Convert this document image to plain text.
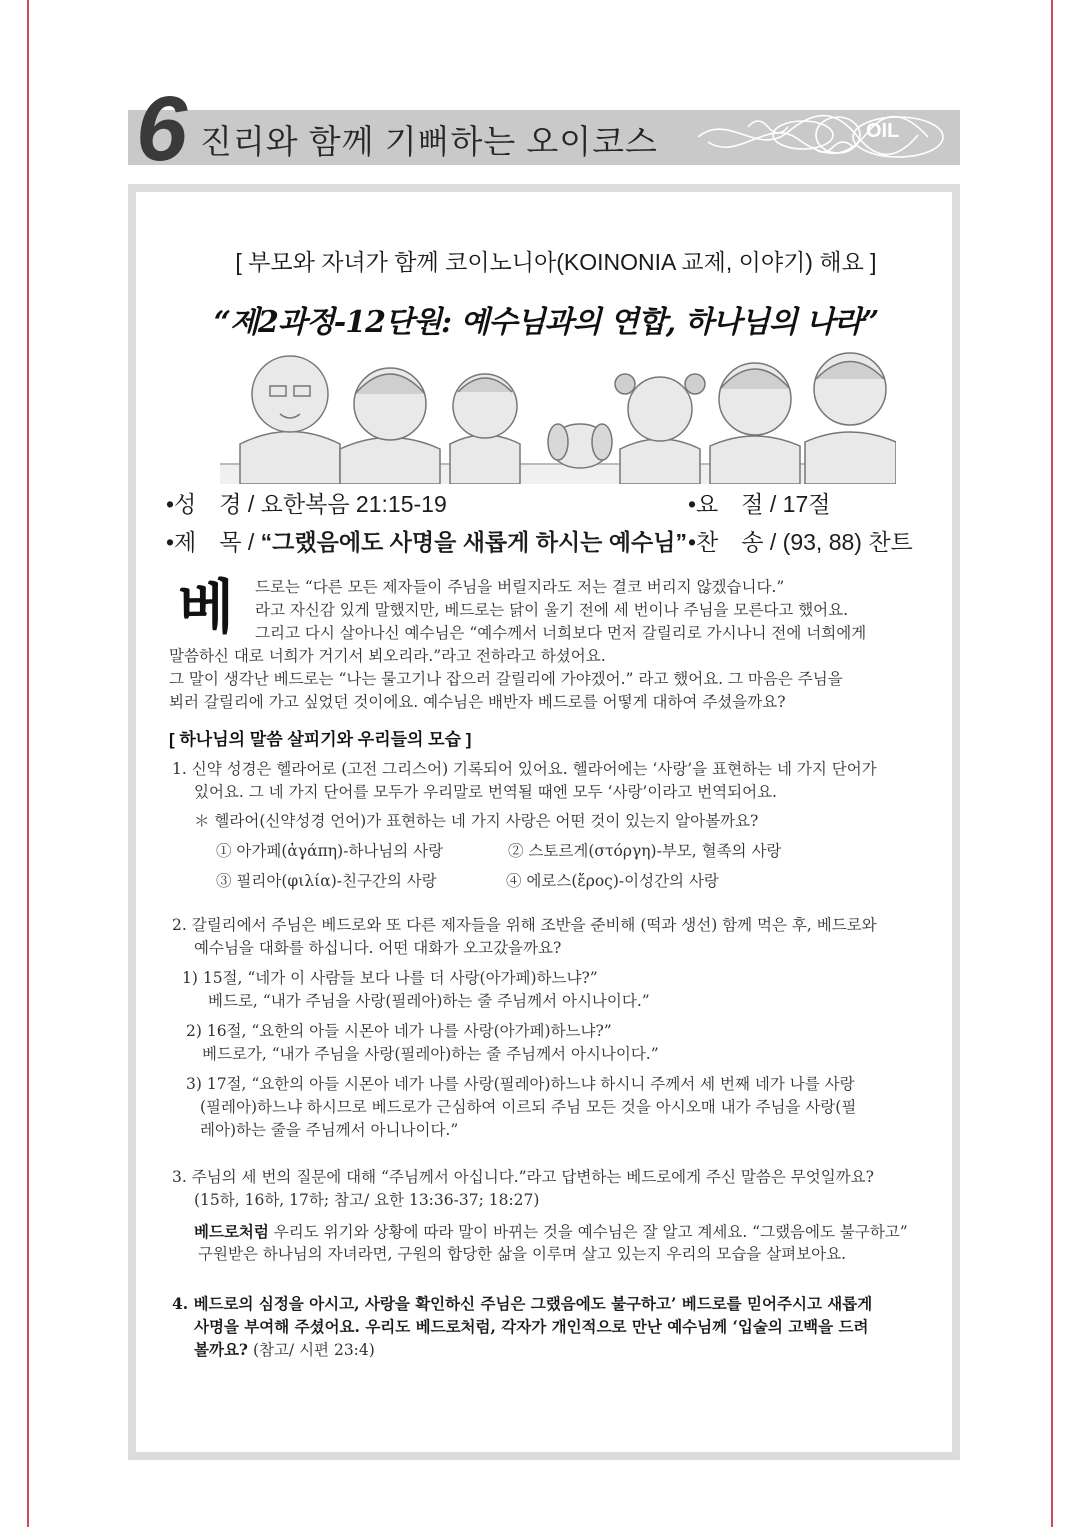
6 진리와 함께 기뻐하는 오이코스	OIL
[ 부모와 자녀가 함께 코이노니아(KOINONIA 교제, 이야기) 해요 ]
“제2과정-12단원: 예수님과의 연합, 하나님의 나라”
•성　경 / 요한복음 21:15-19	•요　절 / 17절
•제　목 / “그랬음에도 사명을 새롭게 하시는 예수님” •찬　송 / (93, 88) 찬트
베	드로는 “다른 모든 제자들이 주님을 버릴지라도 저는 결코 버리지 않겠습니다.”
라고 자신감 있게 말했지만, 베드로는 닭이 울기 전에 세 번이나 주님을 모른다고 했어요.
그리고 다시 살아나신 예수님은 “예수께서 너희보다 먼저 갈릴리로 가시나니 전에 너희에게
말씀하신 대로 너희가 거기서 뵈오리라.”라고 전하라고 하셨어요.
그 말이 생각난 베드로는 “나는 물고기나 잡으러 갈릴리에 가야겠어.” 라고 했어요. 그 마음은 주님을
뵈러 갈릴리에 가고 싶었던 것이에요. 예수님은 배반자 베드로를 어떻게 대하여 주셨을까요?
[ 하나님의 말씀 살피기와 우리들의 모습 ]
1. 신약 성경은 헬라어로 (고전 그리스어) 기록되어 있어요. 헬라어에는 ‘사랑’을 표현하는 네 가지 단어가
있어요. 그 네 가지 단어를 모두가 우리말로 번역될 때엔 모두 ‘사랑’이라고 번역되어요.
＊ 헬라어(신약성경 언어)가 표현하는 네 가지 사랑은 어떤 것이 있는지 알아볼까요?
① 아가페(ἀγάπη)-하나님의 사랑	② 스토르게(στόργη)-부모, 혈족의 사랑
③ 필리아(φιλία)-친구간의 사랑	④ 에로스(ἔρος)-이성간의 사랑
2. 갈릴리에서 주님은 베드로와 또 다른 제자들을 위해 조반을 준비해 (떡과 생선) 함께 먹은 후, 베드로와
예수님을 대화를 하십니다. 어떤 대화가 오고갔을까요?
1) 15절, “네가 이 사람들 보다 나를 더 사랑(아가페)하느냐?”
베드로, “내가 주님을 사랑(필레아)하는 줄 주님께서 아시나이다.”
2) 16절, “요한의 아들 시몬아 네가 나를 사랑(아가페)하느냐?”
베드로가, “내가 주님을 사랑(필레아)하는 줄 주님께서 아시나이다.”
3) 17절, “요한의 아들 시몬아 네가 나를 사랑(필레아)하느냐 하시니 주께서 세 번째 네가 나를 사랑
(필레아)하느냐 하시므로 베드로가 근심하여 이르되 주님 모든 것을 아시오매 내가 주님을 사랑(필
레아)하는 줄을 주님께서 아니나이다.”
3. 주님의 세 번의 질문에 대해 “주님께서 아십니다.”라고 답변하는 베드로에게 주신 말씀은 무엇일까요?
(15하, 16하, 17하; 참고/ 요한 13:36-37; 18:27)
베드로처럼 우리도 위기와 상황에 따라 말이 바뀌는 것을 예수님은 잘 알고 계세요. “그랬음에도 불구하고”
구원받은 하나님의 자녀라면, 구원의 합당한 삶을 이루며 살고 있는지 우리의 모습을 살펴보아요.
4. 베드로의 심정을 아시고, 사랑을 확인하신 주님은 그랬음에도 불구하고’ 베드로를 믿어주시고 새롭게
사명을 부여해 주셨어요. 우리도 베드로처럼, 각자가 개인적으로 만난 예수님께 ‘입술의 고백을 드려
볼까요? (참고/ 시편 23:4)
